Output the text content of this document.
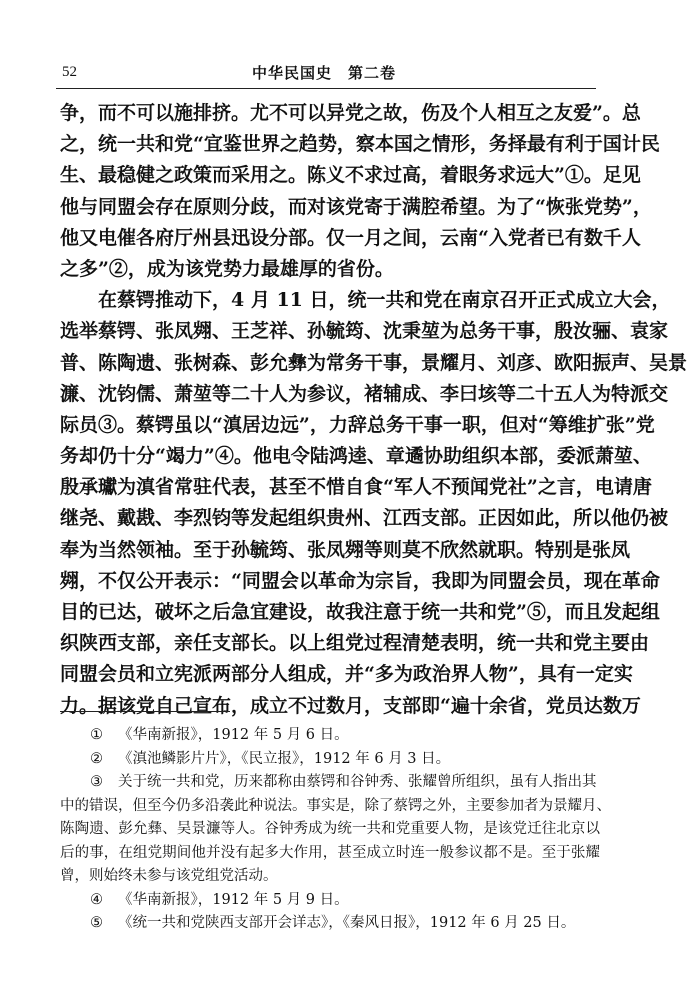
52	中华民国史　第二卷
争，而不可以施排挤。尤不可以异党之故，伤及个人相互之友爱”。总
之，统一共和党“宜鉴世界之趋势，察本国之情形，务择最有利于国计民
生、最稳健之政策而采用之。陈义不求过高，着眼务求远大”①。足见
他与同盟会存在原则分歧，而对该党寄于满腔希望。为了“恢张党势”，
他又电催各府厅州县迅设分部。仅一月之间，云南“入党者已有数千人
之多”②，成为该党势力最雄厚的省份。
在蔡锷推动下，4 月 11 日，统一共和党在南京召开正式成立大会，
选举蔡锷、张凤翙、王芝祥、孙毓筠、沈秉堃为总务干事，殷汝骊、袁家
普、陈陶遗、张树森、彭允彝为常务干事，景耀月、刘彦、欧阳振声、吴景
濂、沈钧儒、萧堃等二十人为参议，褚辅成、李曰垓等二十五人为特派交
际员③。蔡锷虽以“滇居边远”，力辞总务干事一职，但对“筹维扩张”党
务却仍十分“竭力”④。他电令陆鸿逵、章遹协助组织本部，委派萧堃、
殷承瓛为滇省常驻代表，甚至不惜自食“军人不预闻党社”之言，电请唐
继尧、戴戡、李烈钧等发起组织贵州、江西支部。正因如此，所以他仍被
奉为当然领袖。至于孙毓筠、张凤翙等则莫不欣然就职。特别是张凤
翙，不仅公开表示：“同盟会以革命为宗旨，我即为同盟会员，现在革命
目的已达，破坏之后急宜建设，故我注意于统一共和党”⑤，而且发起组
织陕西支部，亲任支部长。以上组党过程清楚表明，统一共和党主要由
同盟会员和立宪派两部分人组成，并“多为政治界人物”，具有一定实
力。据该党自己宣布，成立不过数月，支部即“遍十余省，党员达数万
① 《华南新报》，1912 年 5 月 6 日。
② 《滇池鳞影片片》，《民立报》，1912 年 6 月 3 日。
③ 关于统一共和党，历来都称由蔡锷和谷钟秀、张耀曾所组织，虽有人指出其
中的错误，但至今仍多沿袭此种说法。事实是，除了蔡锷之外，主要参加者为景耀月、
陈陶遗、彭允彝、吴景濂等人。谷钟秀成为统一共和党重要人物，是该党迁往北京以
后的事，在组党期间他并没有起多大作用，甚至成立时连一般参议都不是。至于张耀
曾，则始终未参与该党组党活动。
④ 《华南新报》，1912 年 5 月 9 日。
⑤ 《统一共和党陕西支部开会详志》，《秦风日报》，1912 年 6 月 25 日。
